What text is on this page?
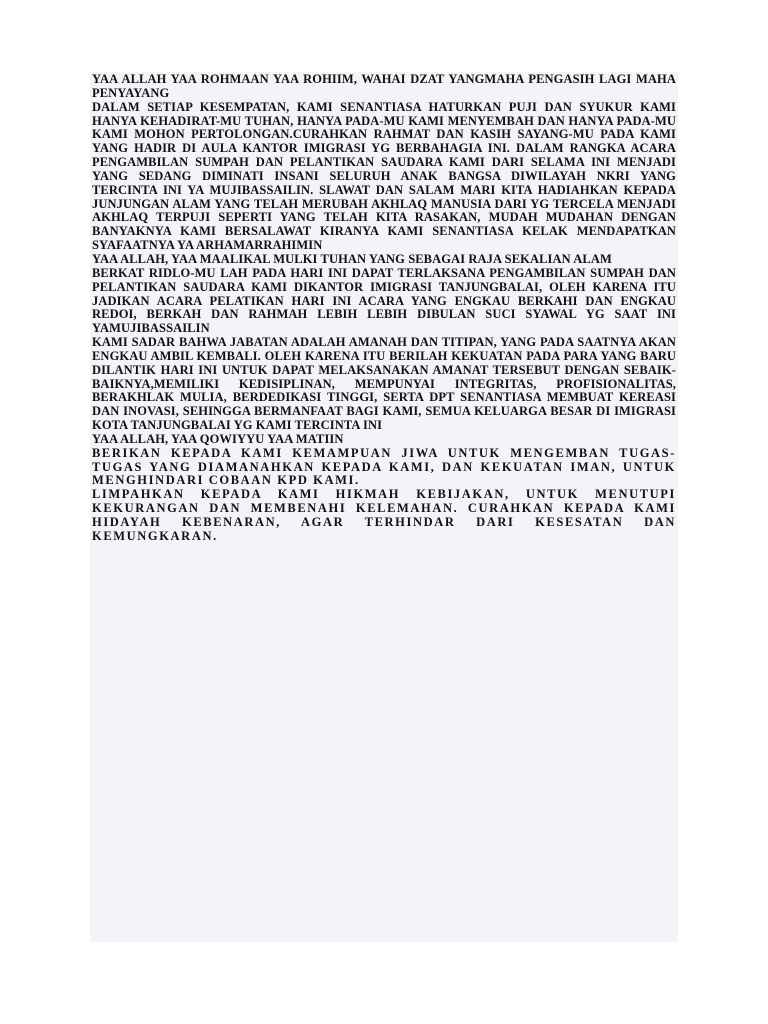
YAA ALLAH YAA ROHMAAN YAA ROHIIM, WAHAI DZAT YANGMAHA PENGASIH LAGI MAHA PENYAYANG

DALAM SETIAP KESEMPATAN, KAMI SENANTIASA HATURKAN PUJI DAN SYUKUR KAMI HANYA KEHADIRAT-MU TUHAN, HANYA PADA-MU KAMI MENYEMBAH DAN HANYA PADA-MU KAMI MOHON PERTOLONGAN.CURAHKAN RAHMAT DAN KASIH SAYANG-MU PADA KAMI YANG HADIR DI AULA KANTOR IMIGRASI YG BERBAHAGIA INI. DALAM RANGKA ACARA PENGAMBILAN SUMPAH DAN PELANTIKAN SAUDARA KAMI DARI SELAMA INI MENJADI YANG SEDANG DIMINATI INSANI SELURUH ANAK BANGSA DIWILAYAH NKRI YANG TERCINTA INI YA MUJIBASSAILIN. SLAWAT DAN SALAM MARI KITA HADIAHKAN KEPADA JUNJUNGAN ALAM YANG TELAH MERUBAH AKHLAQ MANUSIA DARI YG TERCELA MENJADI AKHLAQ TERPUJI SEPERTI YANG TELAH KITA RASAKAN, MUDAH MUDAHAN DENGAN BANYAKNYA KAMI BERSALAWAT KIRANYA KAMI SENANTIASA KELAK MENDAPATKAN SYAFAATNYA YA ARHAMARRAHIMIN

YAA ALLAH, YAA MAALIKAL MULKI TUHAN YANG SEBAGAI RAJA SEKALIAN ALAM

BERKAT RIDLO-MU LAH PADA HARI INI DAPAT TERLAKSANA PENGAMBILAN SUMPAH DAN PELANTIKAN SAUDARA KAMI DIKANTOR IMIGRASI TANJUNGBALAI, OLEH KARENA ITU JADIKAN ACARA PELATIKAN HARI INI ACARA YANG ENGKAU BERKAHI DAN ENGKAU REDOI, BERKAH DAN RAHMAH LEBIH LEBIH DIBULAN SUCI SYAWAL YG SAAT INI YAMUJIBASSAILIN

KAMI SADAR BAHWA JABATAN ADALAH AMANAH DAN TITIPAN, YANG PADA SAATNYA AKAN ENGKAU AMBIL KEMBALI. OLEH KARENA ITU BERILAH KEKUATAN PADA PARA YANG BARU DILANTIK HARI INI UNTUK DAPAT MELAKSANAKAN AMANAT TERSEBUT DENGAN SEBAIK-BAIKNYA,MEMILIKI KEDISIPLINAN, MEMPUNYAI INTEGRITAS, PROFISIONALITAS, BERAKHLAK MULIA, BERDEDIKASI TINGGI, SERTA DPT SENANTIASA MEMBUAT KEREASI DAN INOVASI, SEHINGGA BERMANFAAT BAGI KAMI, SEMUA KELUARGA BESAR DI IMIGRASI KOTA TANJUNGBALAI YG KAMI TERCINTA INI

YAA ALLAH, YAA QOWIYYU YAA MATIIN

BERIKAN KEPADA KAMI KEMAMPUAN JIWA UNTUK MENGEMBAN TUGAS-TUGAS YANG DIAMANAHKAN KEPADA KAMI, DAN KEKUATAN IMAN, UNTUK MENGHINDARI COBAAN KPD KAMI.

LIMPAHKAN KEPADA KAMI HIKMAH KEBIJAKAN, UNTUK MENUTUPI KEKURANGAN DAN MEMBENAHI KELEMAHAN. CURAHKAN KEPADA KAMI HIDAYAH KEBENARAN, AGAR TERHINDAR DARI KESESATAN DAN KEMUNGKARAN.
